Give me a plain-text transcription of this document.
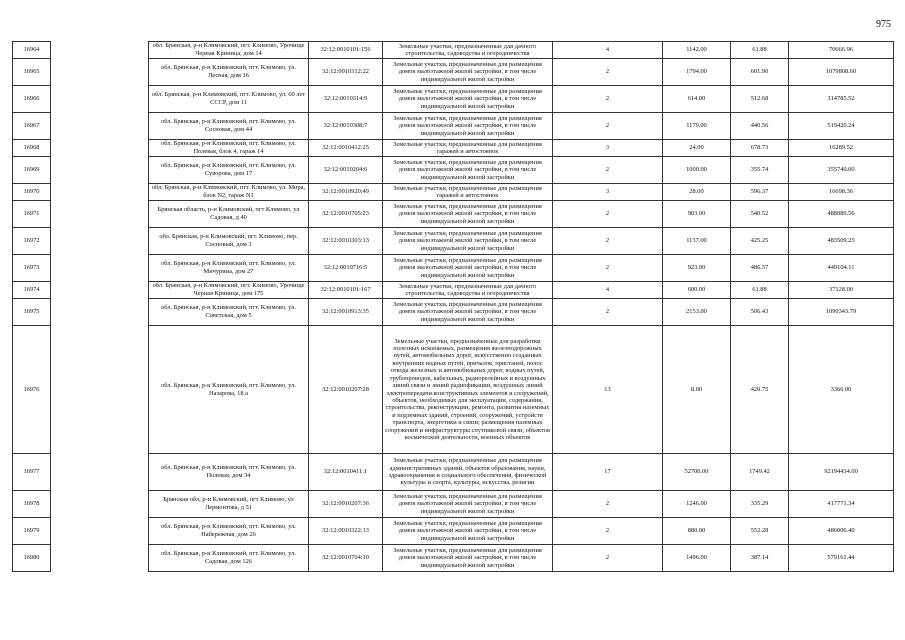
975
16964		обл. Брянская, р-н Климовский, пгт. Климово, Урочище Черная Криница, дом 14	32:12:0010101:156	Земельные участки, предназначенные для дачного строительства, садоводства и огородничества	4	1142.00	61.88	70666.96
16965		обл. Брянская, р-н Климовский, пгт. Климово, ул. Лесная, дом 16	32:12:0010312:22	Земельные участки, предназначенные для размещения домов малоэтажной жилой застройки, в том числе индивидуальной жилой застройки	2	1794.00	601.90	1079808.60
16966		обл. Брянская, р-н Климовский, пгт. Климово, ул. 60 лет СССР, дом 11	32:12:0010314:9	Земельные участки, предназначенные для размещения домов малоэтажной жилой застройки, в том числе индивидуальной жилой застройки	2	614.00	512.68	314785.52
16967		обл. Брянская, р-н Климовский, пгт. Климово, ул. Сосновая, дом 44	32:12:0010308:7	Земельные участки, предназначенные для размещения домов малоэтажной жилой застройки, в том числе индивидуальной жилой застройки	2	1179.00	440.56	519420.24
16968		обл. Брянская, р-н Климовский, пгт. Климово, ул. Полевая, блок 4, гараж 14	32:12:0010412:25	Земельные участки, предназначенные для размещения гаражей и автостоянок	3	24.00	678.73	16289.52
16969		обл. Брянская, р-н Климовский, пгт. Климово, ул. Суворова, дом 17	32:12:0010204:6	Земельные участки, предназначенные для размещения домов малоэтажной жилой застройки, в том числе индивидуальной жилой застройки	2	1000.00	355.74	355740.00
16970		обл. Брянская, р-н Климовский, пгт. Климово, ул. Мира, блок N2, гараж N1	32:12:0010920:49	Земельные участки, предназначенные для размещения гаражей и автостоянок	3	28.00	596.37	16698.36
16971		Брянская область, р-н Климовский, пгт Климово, ул Садовая, д 40	32:12:0010705:23	Земельные участки, предназначенные для размещения домов малоэтажной жилой застройки, в том числе индивидуальной жилой застройки	2	903.00	540.52	488089.56
16972		обл. Брянская, р-н Климовский, пгт. Климово, пер. Сосновый, дом 3	32:12:0010303:13	Земельные участки, предназначенные для размещения домов малоэтажной жилой застройки, в том числе индивидуальной жилой застройки	2	1137.00	425.25	483509.25
16973		обл. Брянская, р-н Климовский, пгт. Климово, ул. Мичурина, дом 27	32:12:0010716:5	Земельные участки, предназначенные для размещения домов малоэтажной жилой застройки, в том числе индивидуальной жилой застройки	2	923.00	486.57	449104.11
16974		обл. Брянская, р-н Климовский, пгт. Климово, Урочище Черная Криница, дом 175	32:12:0010101:167	Земельные участки, предназначенные для дачного строительства, садоводства и огородничества	4	600.00	61.88	37128.00
16975		обл. Брянская, р-н Климовский, пгт. Климово, ул. Советская, дом 5	32:12:0010913:35	Земельные участки, предназначенные для размещения домов малоэтажной жилой застройки, в том числе индивидуальной жилой застройки	2	2153.00	506.43	1090343.79
16976		обл. Брянская, р-н Климовский, пгт. Климово, ул. Назарова, 18 а	32:12:0010207:28	Земельные участки, предназначенные для разработки полезных ископаемых, размещения железнодорожных путей, автомобильных дорог, искусственно созданных внутренних водных путей, причалов, пристаней, полос отвода железных и автомобильных дорог, водных путей, трубопроводов, кабельных, радиорелейных и воздушных линий связи и линий радиофикации, воздушных линий электропередачи конструктивных элементов и сооружений, объектов, необходимых для эксплуатации, содержания, строительства, реконструкции, ремонта, развития наземных и подземных зданий, строений, сооружений, устройств транспорта, энергетики и связи; размещения наземных сооружений и инфраструктуры спутниковой связи, объектов космической деятельности, военных объектов	13	8.00	420.75	3366.00
16977		обл. Брянская, р-н Климовский, пгт. Климово, ул. Полевая, дом 34	32:12:0010411:1	Земельные участки, предназначенные для размещения административных зданий, объектов образования, науки, здравоохранения и социального обеспечения, физической культуры и спорта, культуры, искусства, религии	17	52700.00	1749.42	92194434.00
16978		Брянская обл, р-н Климовский, пгт Климово, ул Лермонтова, д 51	32:12:0010207:36	Земельные участки, предназначенные для размещения домов малоэтажной жилой застройки, в том числе индивидуальной жилой застройки	2	1246.00	335.29	417771.34
16979		обл. Брянская, р-н Климовский, пгт. Климово, ул. Набережная, дом 26	32:12:0010322:13	Земельные участки, предназначенные для размещения домов малоэтажной жилой застройки, в том числе индивидуальной жилой застройки	2	880.00	552.28	486006.40
16980		обл. Брянская, р-н Климовский, пгт. Климово, ул. Садовая, дом 126	32:12:0010704:10	Земельные участки, предназначенные для размещения домов малоэтажной жилой застройки, в том числе индивидуальной жилой застройки	2	1496.00	387.14	579161.44
